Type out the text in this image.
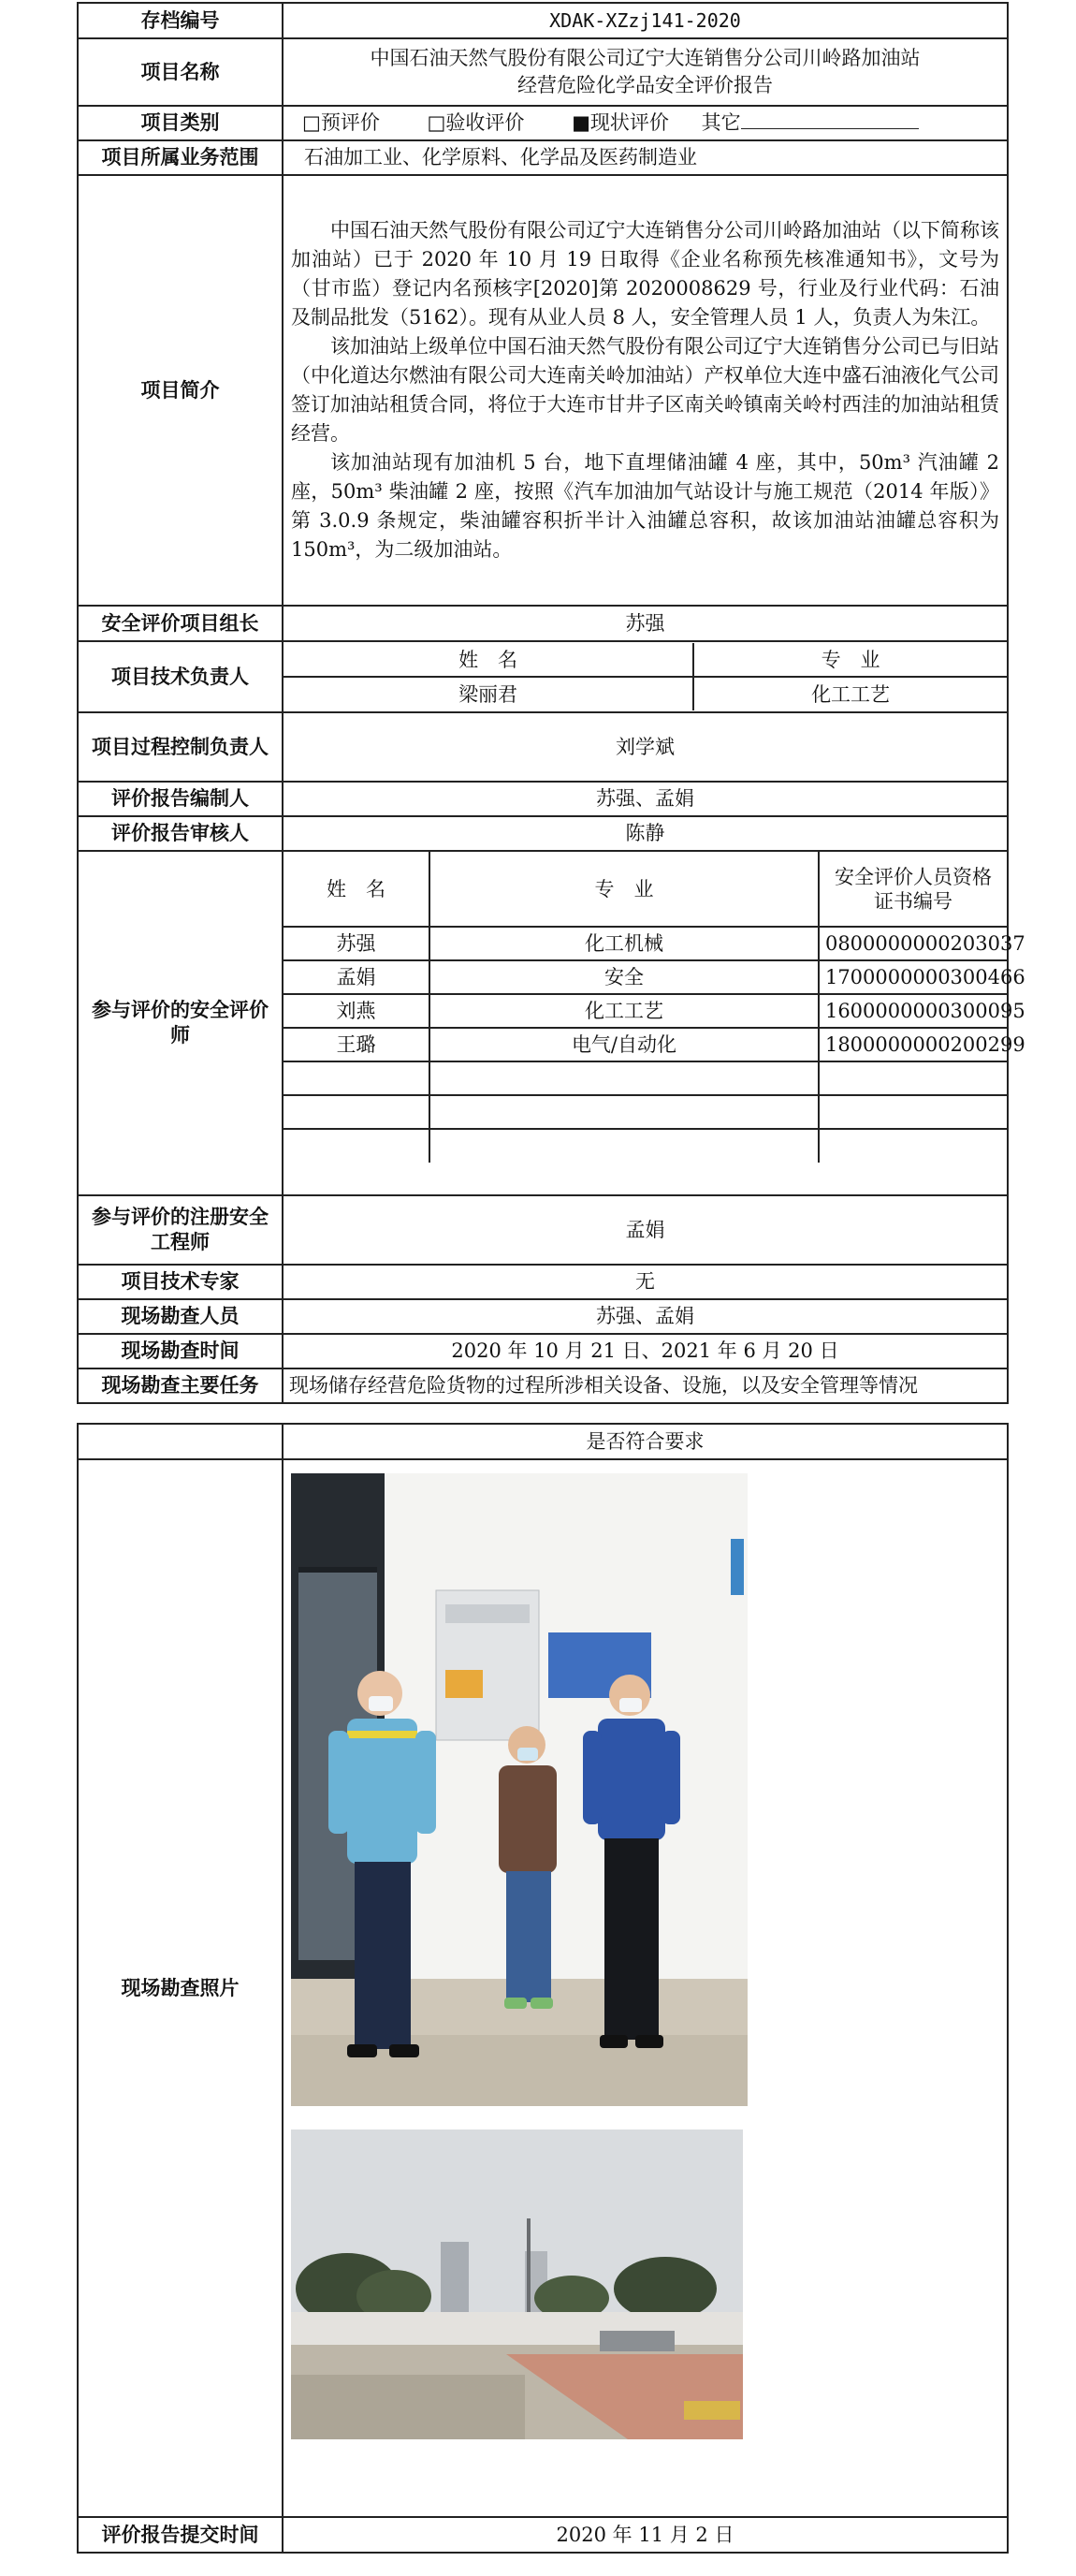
存档编号	XDAK-XZzj141-2020
项目名称	
中国石油天然气股份有限公司辽宁大连销售分公司川岭路加油站
经营危险化学品安全评价报告

项目类别	□预评价 □验收评价 ■现状评价 其它
项目所属业务范围	石油加工业、化学原料、化学品及医药制造业
项目简介	

中国石油天然气股份有限公司辽宁大连销售分公司川岭路加油站（以下简称该加油站）已于 2020 年 10 月 19 日取得《企业名称预先核准通知书》，文号为（甘市监）登记内名预核字[2020]第 2020008629 号，行业及行业代码：石油及制品批发（5162）。现有从业人员 8 人，安全管理人员 1 人，负责人为朱江。

该加油站上级单位中国石油天然气股份有限公司辽宁大连销售分公司已与旧站（中化道达尔燃油有限公司大连南关岭加油站）产权单位大连中盛石油液化气公司签订加油站租赁合同，将位于大连市甘井子区南关岭镇南关岭村西洼的加油站租赁经营。

该加油站现有加油机 5 台，地下直埋储油罐 4 座，其中，50m³ 汽油罐 2 座，50m³ 柴油罐 2 座，按照《汽车加油加气站设计与施工规范（2014 年版）》第 3.0.9 条规定，柴油罐容积折半计入油罐总容积，故该加油站油罐总容积为 150m³，为二级加油站。

安全评价项目组长	苏强
项目技术负责人	
姓　名	专　业
梁丽君	化工工艺

项目过程控制负责人	刘学斌
评价报告编制人	苏强、孟娟
评价报告审核人	陈静
参与评价的安全评价师	
姓　名	专　业	安全评价人员资格证书编号
苏强	化工机械	0800000000203037
孟娟	安全	1700000000300466
刘燕	化工工艺	1600000000300095
王璐	电气/自动化	1800000000200299

参与评价的注册安全工程师	孟娟
项目技术专家	无
现场勘查人员	苏强、孟娟
现场勘查时间	2020 年 10 月 21 日、2021 年 6 月 20 日
现场勘查主要任务	现场储存经营危险货物的过程所涉相关设备、设施，以及安全管理等情况
	是否符合要求
现场勘查照片	
评价报告提交时间	2020 年 11 月 2 日
